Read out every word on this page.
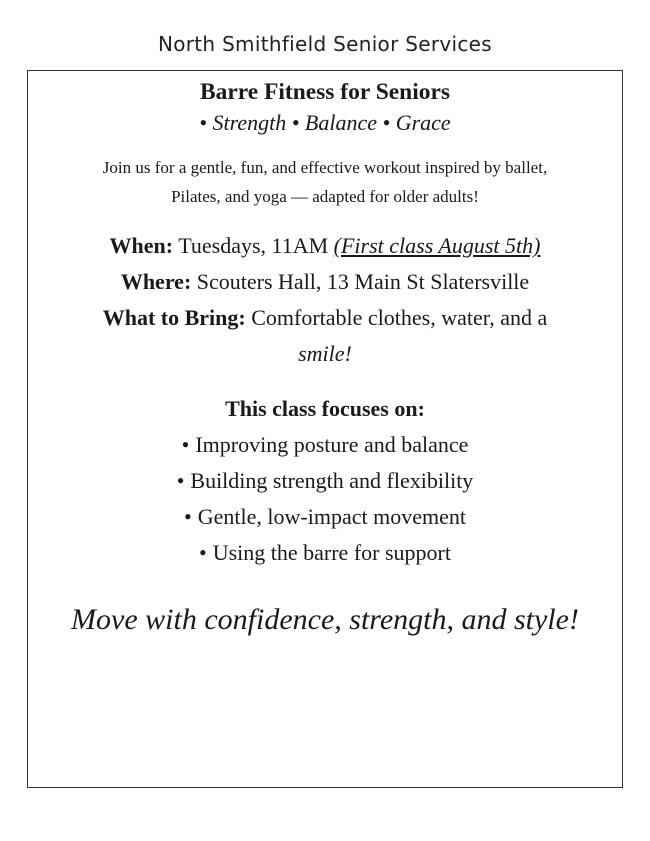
North Smithfield Senior Services
Barre Fitness for Seniors
• Strength • Balance • Grace
Join us for a gentle, fun, and effective workout inspired by ballet,
Pilates, and yoga — adapted for older adults!
When: Tuesdays, 11AM (First class August 5th)
Where: Scouters Hall, 13 Main St Slatersville
What to Bring: Comfortable clothes, water, and a
smile!
This class focuses on:
• Improving posture and balance
• Building strength and flexibility
• Gentle, low-impact movement
• Using the barre for support
Move with confidence, strength, and style!
